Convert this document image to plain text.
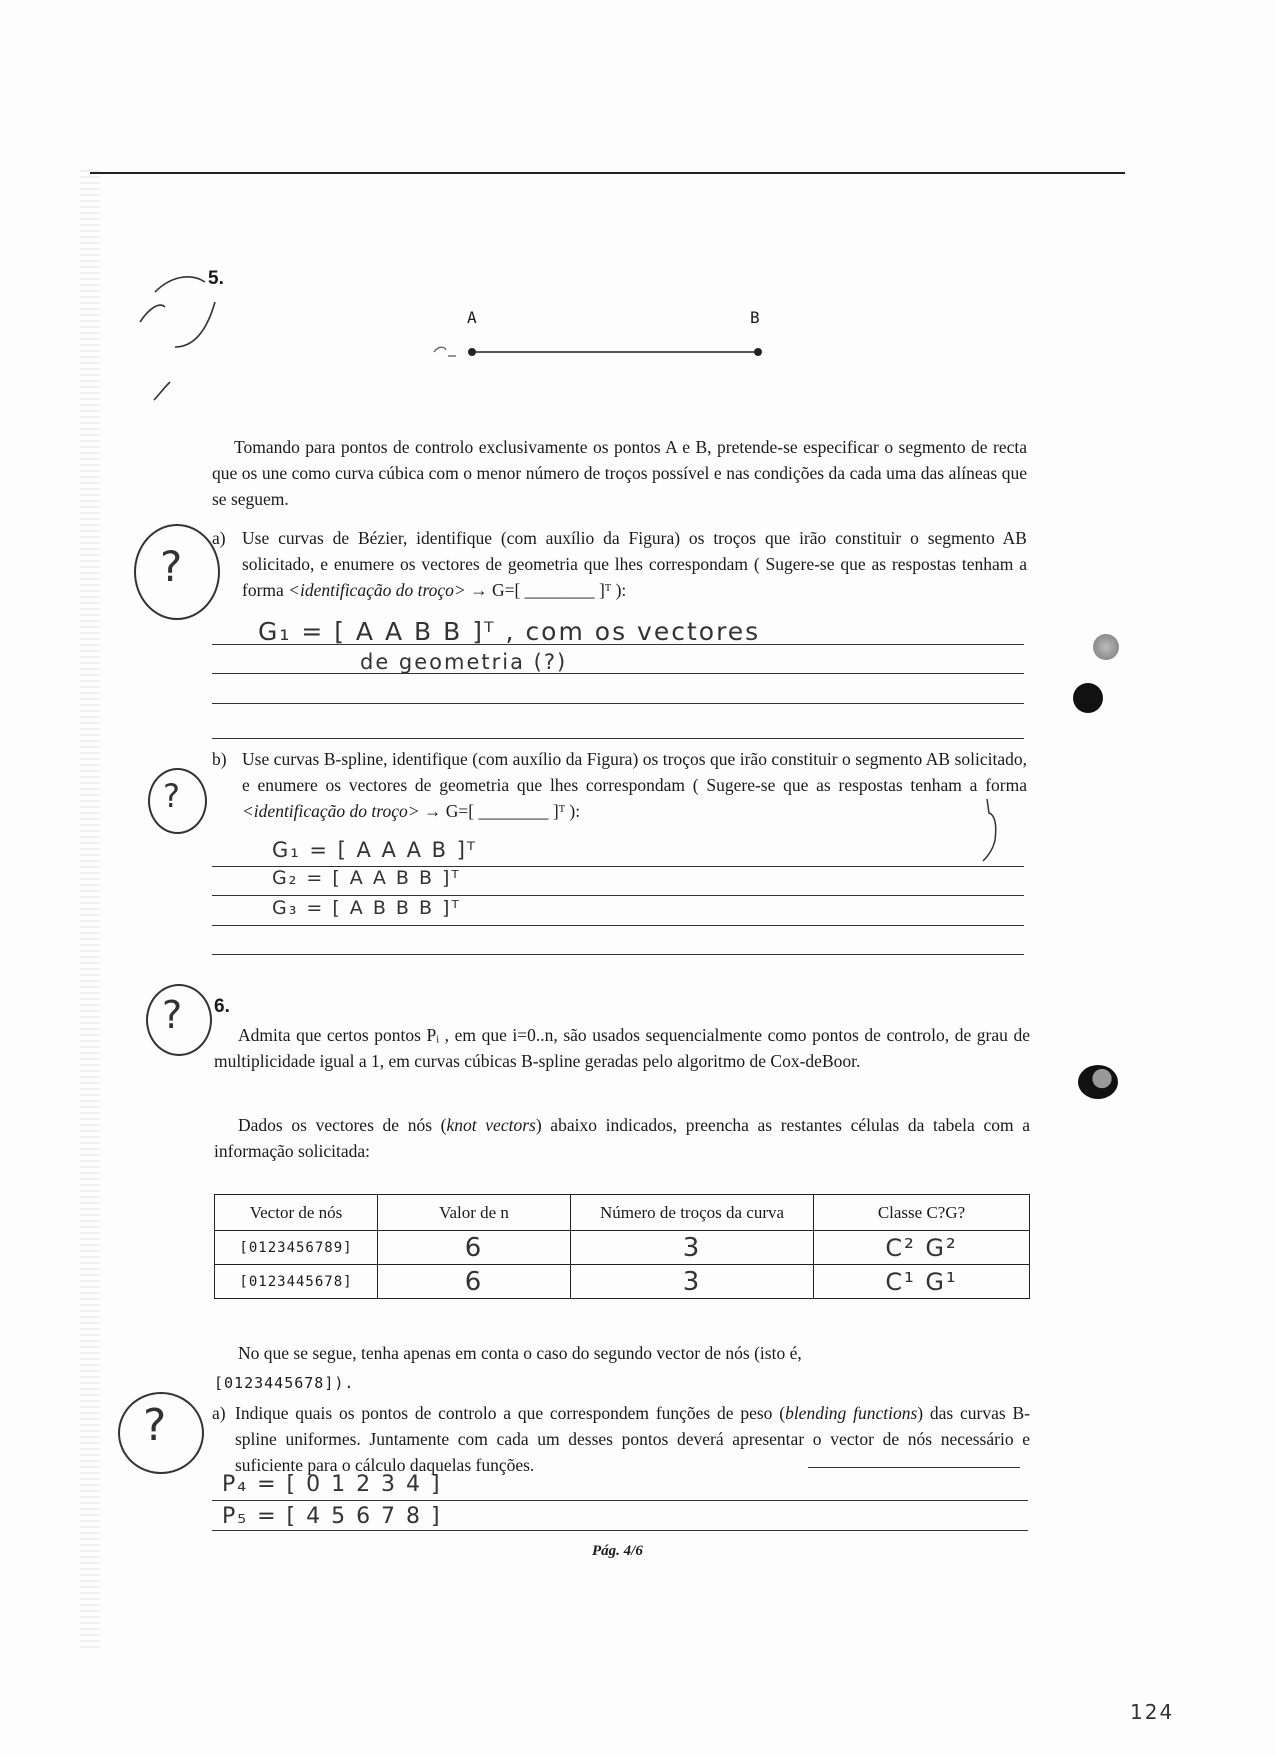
5.
A	B
Tomando para pontos de controlo exclusivamente os pontos A e B, pretende-se especificar o segmento de recta que os une como curva cúbica com o menor número de troços possível e nas condições da cada uma das alíneas que se seguem.
?
a) Use curvas de Bézier, identifique (com auxílio da Figura) os troços que irão constituir o segmento AB solicitado, e enumere os vectores de geometria que lhes correspondam ( Sugere-se que as respostas tenham a forma <identificação do troço> → G=[ ________ ]ᵀ ):
G₁ = [ A A B B ]ᵀ , com os vectores
de geometria (?)
?
b) Use curvas B-spline, identifique (com auxílio da Figura) os troços que irão constituir o segmento AB solicitado, e enumere os vectores de geometria que lhes correspondam ( Sugere-se que as respostas tenham a forma <identificação do troço> → G=[ ________ ]ᵀ ):
G₁ = [ A A A B ]ᵀ
G₂ = [ A A B B ]ᵀ
G₃ = [ A B B B ]ᵀ
? 6.
Admita que certos pontos Pᵢ , em que i=0..n, são usados sequencialmente como pontos de controlo, de grau de multiplicidade igual a 1, em curvas cúbicas B-spline geradas pelo algoritmo de Cox-deBoor.
Dados os vectores de nós (knot vectors) abaixo indicados, preencha as restantes células da tabela com a informação solicitada:
Vector de nós	Valor de n	Número de troços da curva	Classe C?G?
[0123456789]	6	3	C² G²
[0123445678]	6	3	C¹ G¹
No que se segue, tenha apenas em conta o caso do segundo vector de nós (isto é,
[0123445678]).
? a) Indique quais os pontos de controlo a que correspondem funções de peso (blending functions) das curvas B-spline uniformes. Juntamente com cada um desses pontos deverá apresentar o vector de nós necessário e suficiente para o cálculo daquelas funções.
P₄ = [ 0 1 2 3 4 ]
P₅ = [ 4 5 6 7 8 ]
Pág. 4/6
124
